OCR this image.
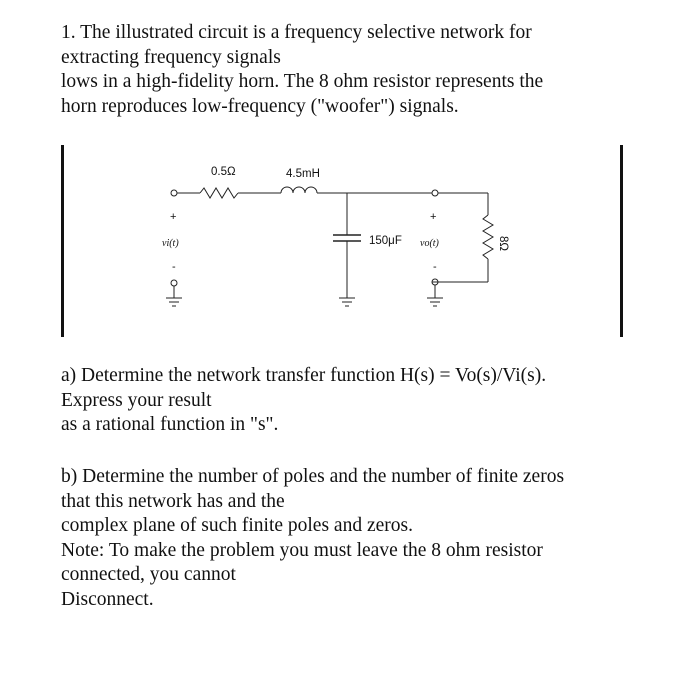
1. The illustrated circuit is a frequency selective network for
extracting frequency signals
lows in a high-fidelity horn. The 8 ohm resistor represents the
horn reproduces low-frequency ("woofer") signals.
0.5Ω	4.5mH
150μF	8Ω
+
vi(t)
-
+
vo(t)
-
a) Determine the network transfer function H(s) = Vo(s)/Vi(s).
Express your result
as a rational function in "s".
b) Determine the number of poles and the number of finite zeros
that this network has and the
complex plane of such finite poles and zeros.
Note: To make the problem you must leave the 8 ohm resistor
connected, you cannot
Disconnect.
